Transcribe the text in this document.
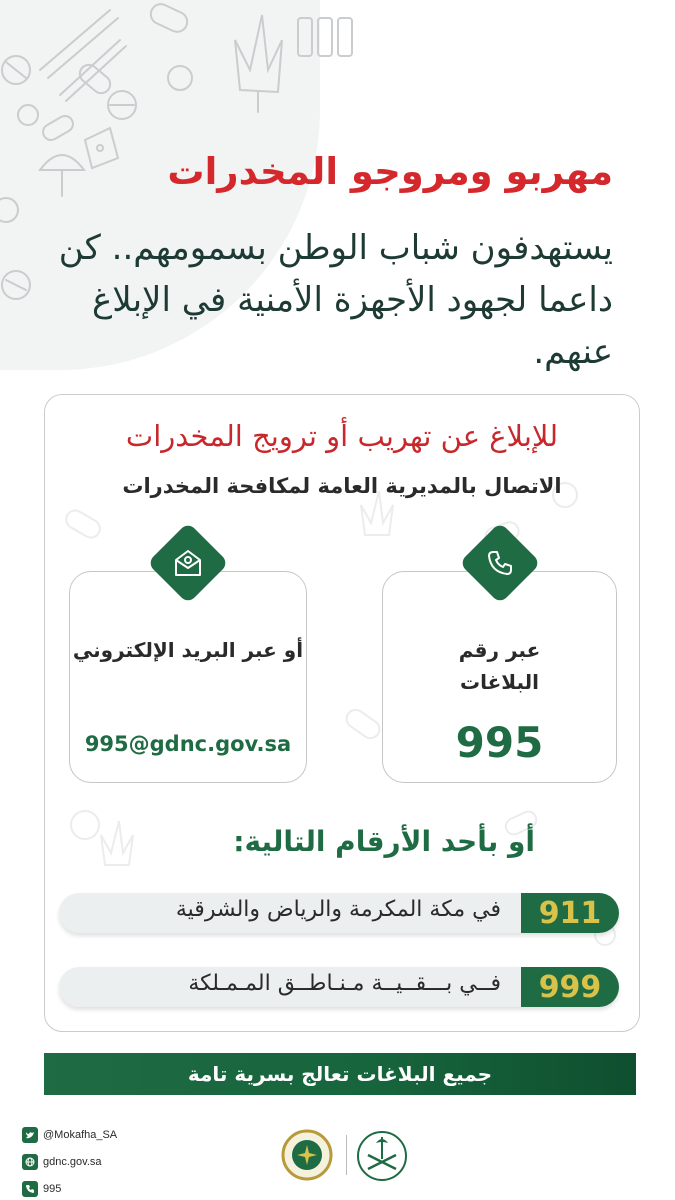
مهربو ومروجو المخدرات
يستهدفون شباب الوطن بسمومهم.. كن داعما لجهود الأجهزة الأمنية في الإبلاغ عنهم.
للإبلاغ عن تهريب أو ترويج المخدرات
الاتصال بالمديرية العامة لمكافحة المخدرات
أو عبر البريد الإلكتروني
995@gdnc.gov.sa
عبر رقم البلاغات
995
أو بأحد الأرقام التالية:
911
في مكة المكرمة والرياض والشرقية
999
فــي بـــقــيــة مـنـاطــق المـمـلكة
جميع البلاغات تعالج بسرية تامة
@Mokafha_SA
gdnc.gov.sa
995
